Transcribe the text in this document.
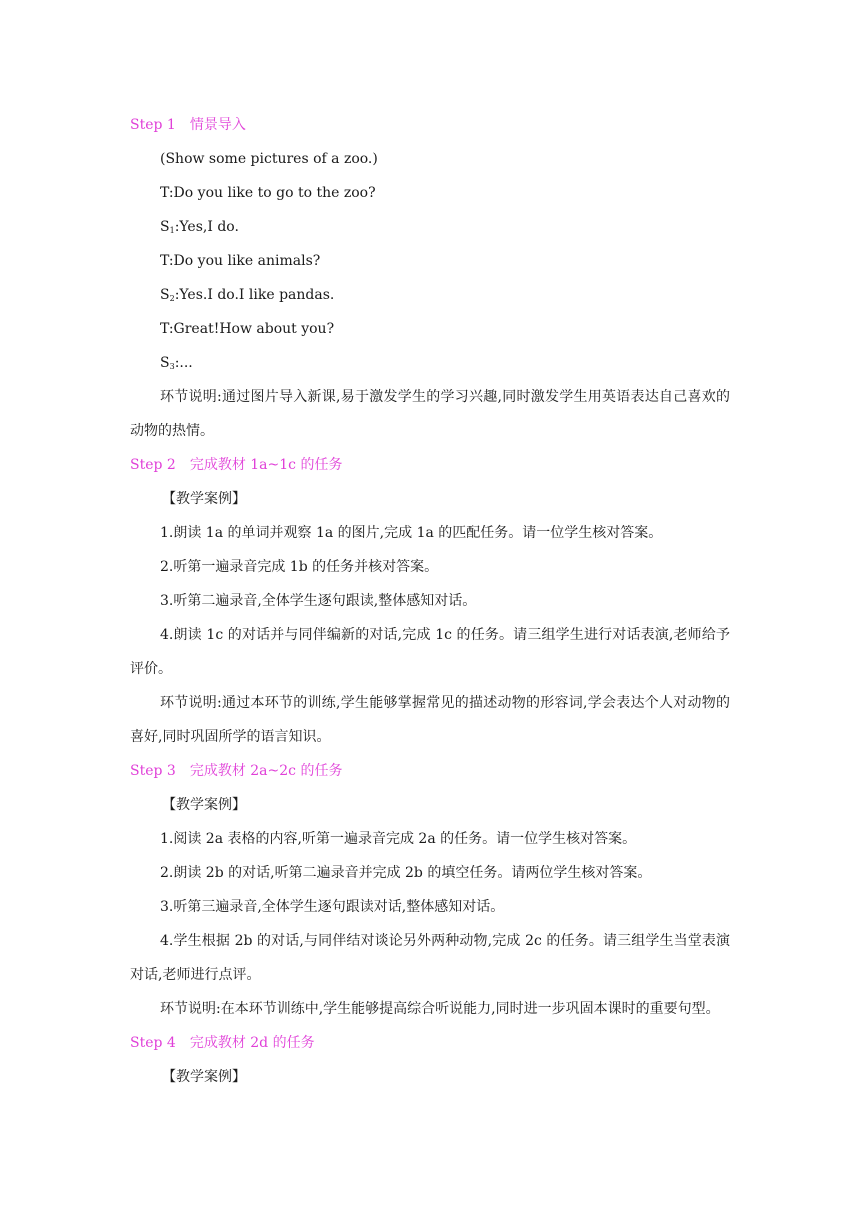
Step 1 情景导入

(Show some pictures of a zoo.)

T:Do you like to go to the zoo?

$S_1:Yes,I$ do.

T:Do you like animals?

$S_2:Yes.I$ do.I like pandas.

T:Great!How about you?

$S_3$:...

环节说明:通过图片导入新课,易于激发学生的学习兴趣,同时激发学生用英语表达自己喜欢的动物的热情。

Step 2 完成教材 1a~1c 的任务

【教学案例】

1.朗读 1a 的单词并观察 1a 的图片,完成 1a 的匹配任务。请一位学生核对答案。

2.听第一遍录音完成 1b 的任务并核对答案。

3.听第二遍录音,全体学生逐句跟读,整体感知对话。

4.朗读 1c 的对话并与同伴编新的对话,完成 1c 的任务。请三组学生进行对话表演,老师给予评价。

环节说明:通过本环节的训练,学生能够掌握常见的描述动物的形容词,学会表达个人对动物的喜好,同时巩固所学的语言知识。

Step 3 完成教材 2a~2c 的任务

【教学案例】

1.阅读 2a 表格的内容,听第一遍录音完成 2a 的任务。请一位学生核对答案。

2.朗读 2b 的对话,听第二遍录音并完成 2b 的填空任务。请两位学生核对答案。

3.听第三遍录音,全体学生逐句跟读对话,整体感知对话。

4.学生根据 2b 的对话,与同伴结对谈论另外两种动物,完成 2c 的任务。请三组学生当堂表演对话,老师进行点评。

环节说明:在本环节训练中,学生能够提高综合听说能力,同时进一步巩固本课时的重要句型。

Step 4 完成教材 2d 的任务

【教学案例】
